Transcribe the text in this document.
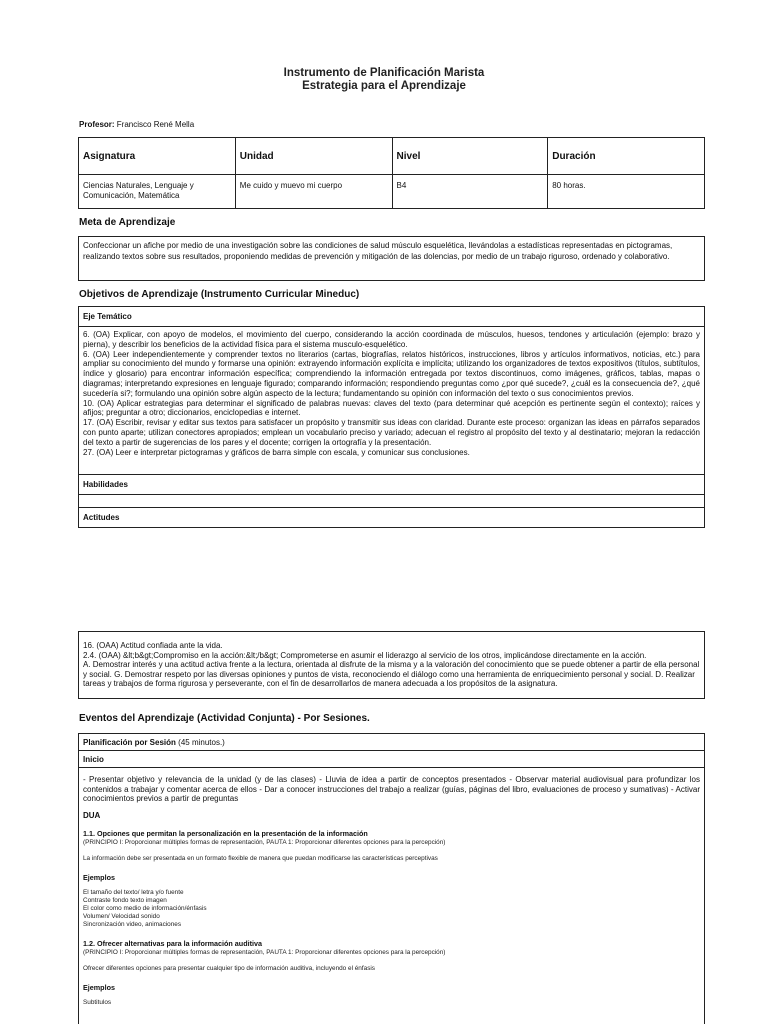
Instrumento de Planificación Marista
Estrategia para el Aprendizaje
Profesor: Francisco René Mella
Asignatura	Unidad	Nivel	Duración
Ciencias Naturales, Lenguaje y Comunicación, Matemática	Me cuido y muevo mi cuerpo	B4	80 horas.
Meta de Aprendizaje
Confeccionar un afiche por medio de una investigación sobre las condiciones de salud músculo esquelética, llevándolas a estadísticas representadas en pictogramas, realizando textos sobre sus resultados, proponiendo medidas de prevención y mitigación de las dolencias, por medio de un trabajo riguroso, ordenado y colaborativo.
Objetivos de Aprendizaje (Instrumento Curricular Mineduc)
Eje Temático

6. (OA) Explicar, con apoyo de modelos, el movimiento del cuerpo, considerando la acción coordinada de músculos, huesos, tendones y articulación (ejemplo: brazo y pierna), y describir los beneficios de la actividad física para el sistema musculo-esquelético.
6. (OA) Leer independientemente y comprender textos no literarios (cartas, biografías, relatos históricos, instrucciones, libros y artículos informativos, noticias, etc.) para ampliar su conocimiento del mundo y formarse una opinión: extrayendo información explícita e implícita; utilizando los organizadores de textos expositivos (títulos, subtítulos, índice y glosario) para encontrar información específica; comprendiendo la información entregada por textos discontinuos, como imágenes, gráficos, tablas, mapas o diagramas; interpretando expresiones en lenguaje figurado; comparando información; respondiendo preguntas como ¿por qué sucede?, ¿cuál es la consecuencia de?, ¿qué sucedería si?; formulando una opinión sobre algún aspecto de la lectura; fundamentando su opinión con información del texto o sus conocimientos previos.
10. (OA) Aplicar estrategias para determinar el significado de palabras nuevas: claves del texto (para determinar qué acepción es pertinente según el contexto); raíces y afijos; preguntar a otro; diccionarios, enciclopedias e internet.
17. (OA) Escribir, revisar y editar sus textos para satisfacer un propósito y transmitir sus ideas con claridad. Durante este proceso: organizan las ideas en párrafos separados con punto aparte; utilizan conectores apropiados; emplean un vocabulario preciso y variado; adecuan el registro al propósito del texto y al destinatario; mejoran la redacción del texto a partir de sugerencias de los pares y el docente; corrigen la ortografía y la presentación.
27. (OA) Leer e interpretar pictogramas y gráficos de barra simple con escala, y comunicar sus conclusiones.

Habilidades

Actitudes
16. (OAA) Actitud confiada ante la vida.
2.4. (OAA) &lt;b&gt;Compromiso en la acción:&lt;/b&gt; Comprometerse en asumir el liderazgo al servicio de los otros, implicándose directamente en la acción.
A. Demostrar interés y una actitud activa frente a la lectura, orientada al disfrute de la misma y a la valoración del conocimiento que se puede obtener a partir de ella personal y social. G. Demostrar respeto por las diversas opiniones y puntos de vista, reconociendo el diálogo como una herramienta de enriquecimiento personal y social. D. Realizar tareas y trabajos de forma rigurosa y perseverante, con el fin de desarrollarlos de manera adecuada a los propósitos de la asignatura.
Eventos del Aprendizaje (Actividad Conjunta) - Por Sesiones.
Planificación por Sesión (45 minutos.)
Inicio

- Presentar objetivo y relevancia de la unidad (y de las clases) - Lluvia de idea a partir de conceptos presentados - Observar material audiovisual para profundizar los contenidos a trabajar y comentar acerca de ellos - Dar a conocer instrucciones del trabajo a realizar (guías, páginas del libro, evaluaciones de proceso y sumativas) - Activar conocimientos previos a partir de preguntas
DUA
1.1. Opciones que permitan la personalización en la presentación de la información
(PRINCIPIO I: Proporcionar múltiples formas de representación, PAUTA 1: Proporcionar diferentes opciones para la percepción)
La información debe ser presentada en un formato flexible de manera que puedan modificarse las características perceptivas
Ejemplos
El tamaño del texto/ letra y/o fuente
Contraste fondo texto imagen
El color como medio de información/énfasis
Volumen/ Velocidad sonido
Sincronización video, animaciones
1.2. Ofrecer alternativas para la información auditiva
(PRINCIPIO I: Proporcionar múltiples formas de representación, PAUTA 1: Proporcionar diferentes opciones para la percepción)
Ofrecer diferentes opciones para presentar cualquier tipo de información auditiva, incluyendo el énfasis
Ejemplos
Subtitulos
